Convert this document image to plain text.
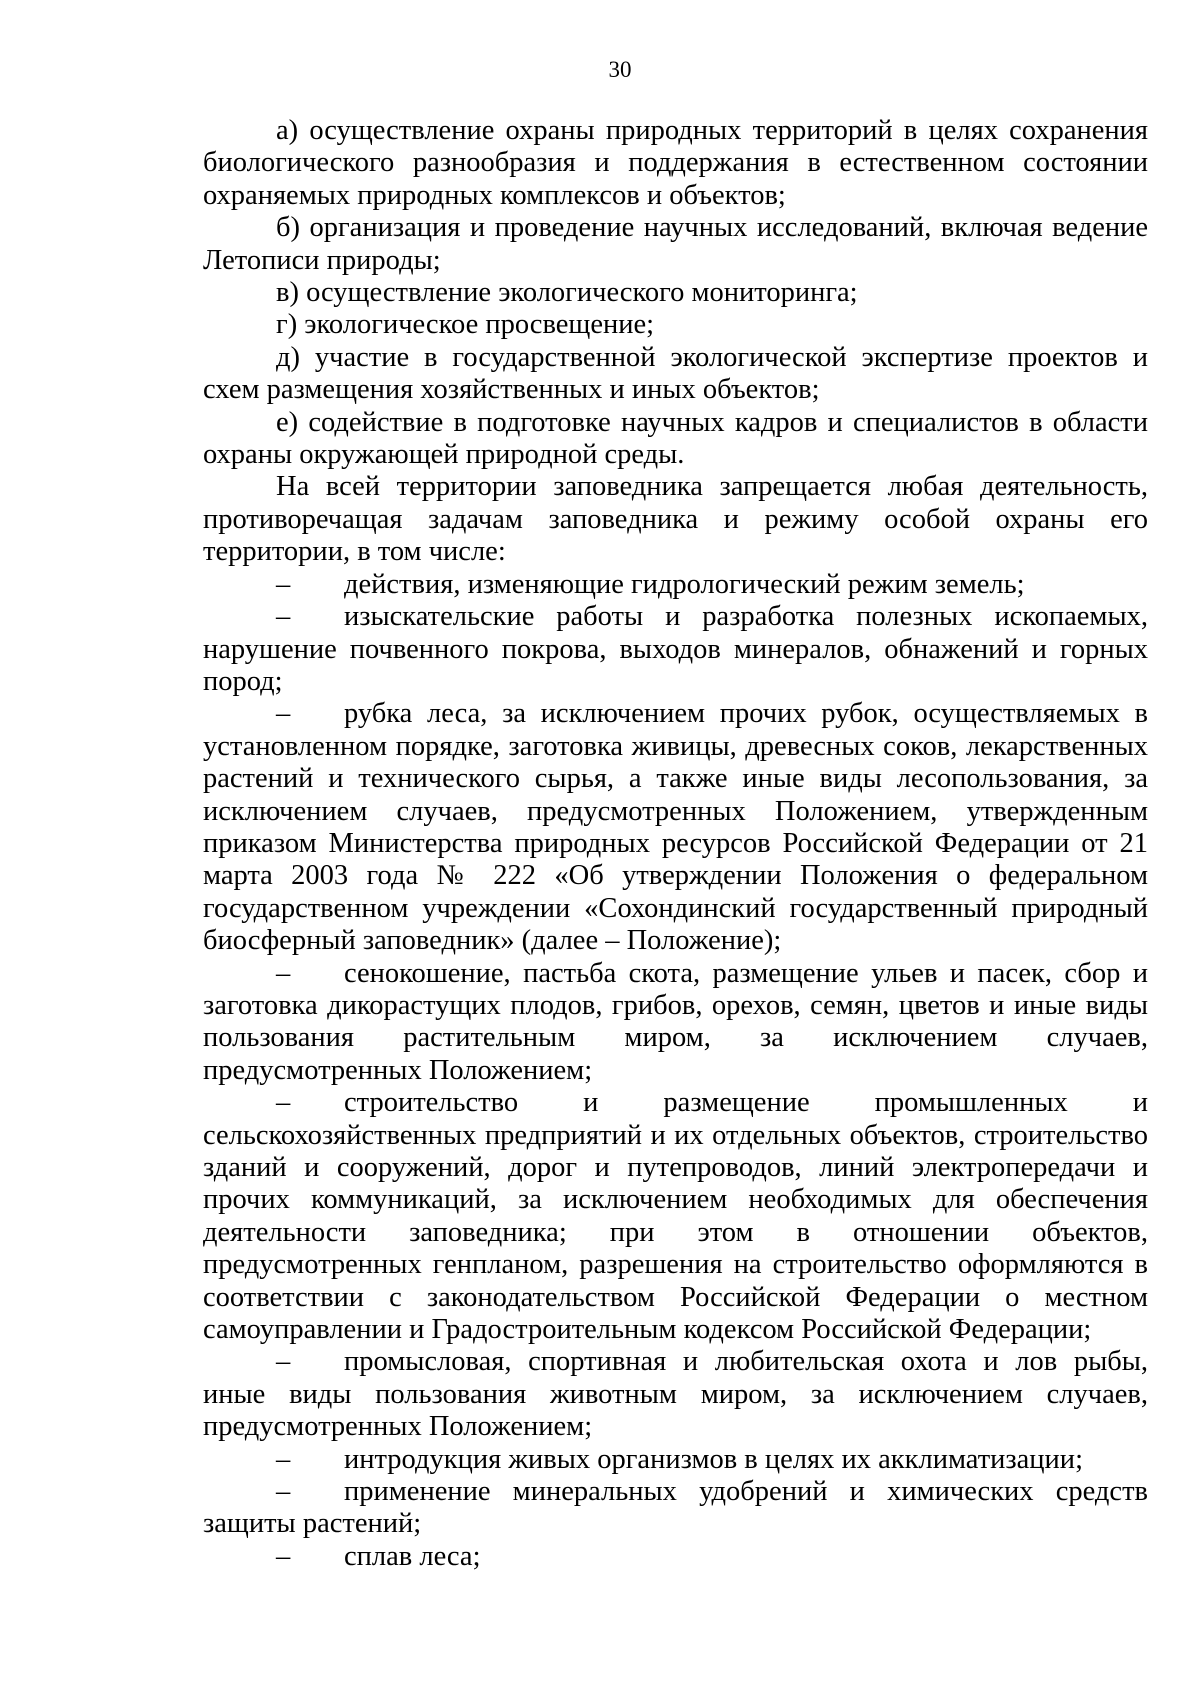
30

а) осуществление охраны природных территорий в целях сохранения биологического разнообразия и поддержания в естественном состоянии охраняемых природных комплексов и объектов;

б) организация и проведение научных исследований, включая ведение Летописи природы;

в) осуществление экологического мониторинга;

г) экологическое просвещение;

д) участие в государственной экологической экспертизе проектов и схем размещения хозяйственных и иных объектов;

е) содействие в подготовке научных кадров и специалистов в области охраны окружающей природной среды.

На всей территории заповедника запрещается любая деятельность, противоречащая задачам заповедника и режиму особой охраны его территории, в том числе:

– действия, изменяющие гидрологический режим земель;

– изыскательские работы и разработка полезных ископаемых, нарушение почвенного покрова, выходов минералов, обнажений и горных пород;

– рубка леса, за исключением прочих рубок, осуществляемых в установленном порядке, заготовка живицы, древесных соков, лекарственных растений и технического сырья, а также иные виды лесопользования, за исключением случаев, предусмотренных Положением, утвержденным приказом Министерства природных ресурсов Российской Федерации от 21 марта 2003 года № 222 «Об утверждении Положения о федеральном государственном учреждении «Сохондинский государственный природный биосферный заповедник» (далее – Положение);

– сенокошение, пастьба скота, размещение ульев и пасек, сбор и заготовка дикорастущих плодов, грибов, орехов, семян, цветов и иные виды пользования растительным миром, за исключением случаев, предусмотренных Положением;

– строительство и размещение промышленных и сельскохозяйственных предприятий и их отдельных объектов, строительство зданий и сооружений, дорог и путепроводов, линий электропередачи и прочих коммуникаций, за исключением необходимых для обеспечения деятельности заповедника; при этом в отношении объектов, предусмотренных генпланом, разрешения на строительство оформляются в соответствии с законодательством Российской Федерации о местном самоуправлении и Градостроительным кодексом Российской Федерации;

– промысловая, спортивная и любительская охота и лов рыбы, иные виды пользования животным миром, за исключением случаев, предусмотренных Положением;

– интродукция живых организмов в целях их акклиматизации;

– применение минеральных удобрений и химических средств защиты растений;

– сплав леса;
